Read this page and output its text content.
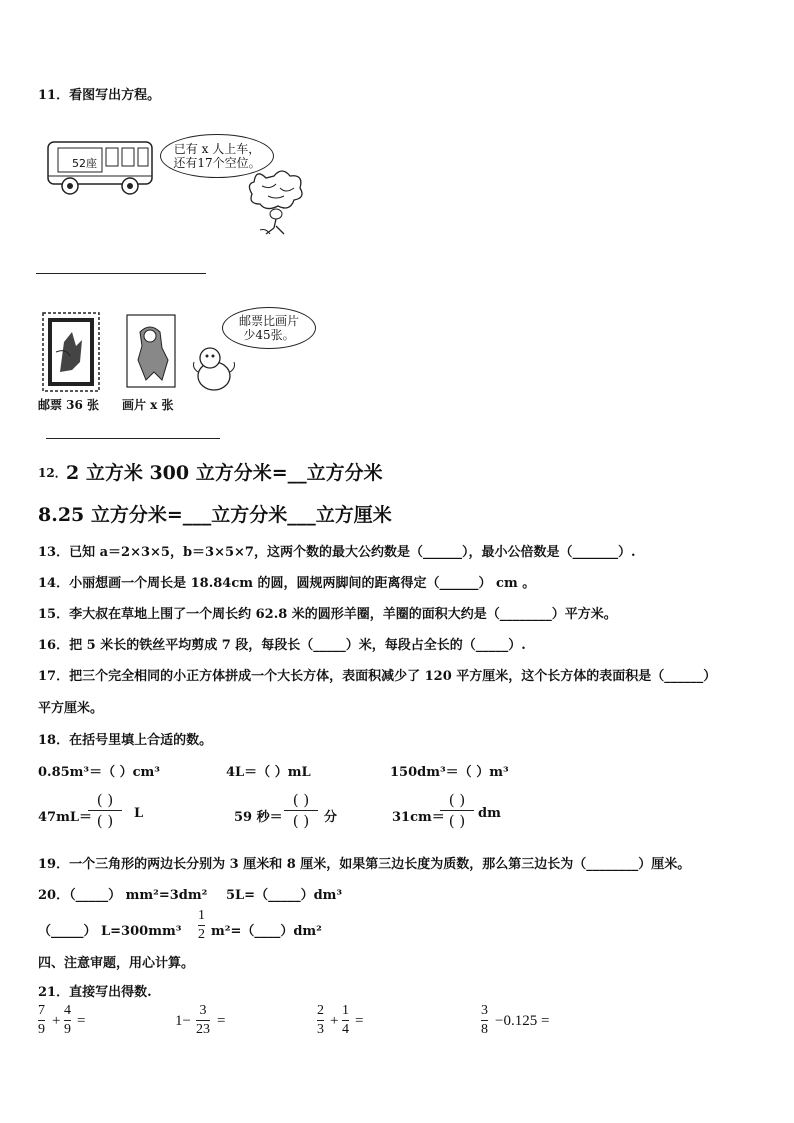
11．看图写出方程。
52座
已有 x 人上车，
还有17个空位。
邮票比画片
少45张。
邮票 36 张 画片 x 张
12． 2 立方米 300 立方分米=__立方分米
8.25 立方分米=___立方分米___立方厘米
13．已知 a＝2×3×5，b＝3×5×7，这两个数的最大公约数是（______），最小公倍数是（_______）.
14．小丽想画一个周长是 18.84cm 的圆，圆规两脚间的距离得定（______） cm 。
15．李大叔在草地上围了一个周长约 62.8 米的圆形羊圈，羊圈的面积大约是（________）平方米。
16．把 5 米长的铁丝平均剪成 7 段，每段长（_____）米，每段占全长的（_____）.
17．把三个完全相同的小正方体拼成一个大长方体，表面积减少了 120 平方厘米，这个长方体的表面积是（______）
平方厘米。
18．在括号里填上合适的数。
0.85m³＝（ ）cm³	4L＝（ ）mL	150dm³＝（ ）m³
47mL＝
( )
( ) L	59 秒＝
( )
( ) 分	31cm＝
( )
( ) dm
19．一个三角形的两边长分别为 3 厘米和 8 厘米，如果第三边长度为质数，那么第三边长为（________）厘米。
20．（_____） mm²=3dm² 5L=（_____）dm³
（_____） L=300mm³
1
2 m²=（____）dm²
四、注意审题，用心计算。
21．直接写出得数.
7
9
+
4
9
=	1−
3
23
=
2
3
+
1
4
=
3
8
−0.125 =
